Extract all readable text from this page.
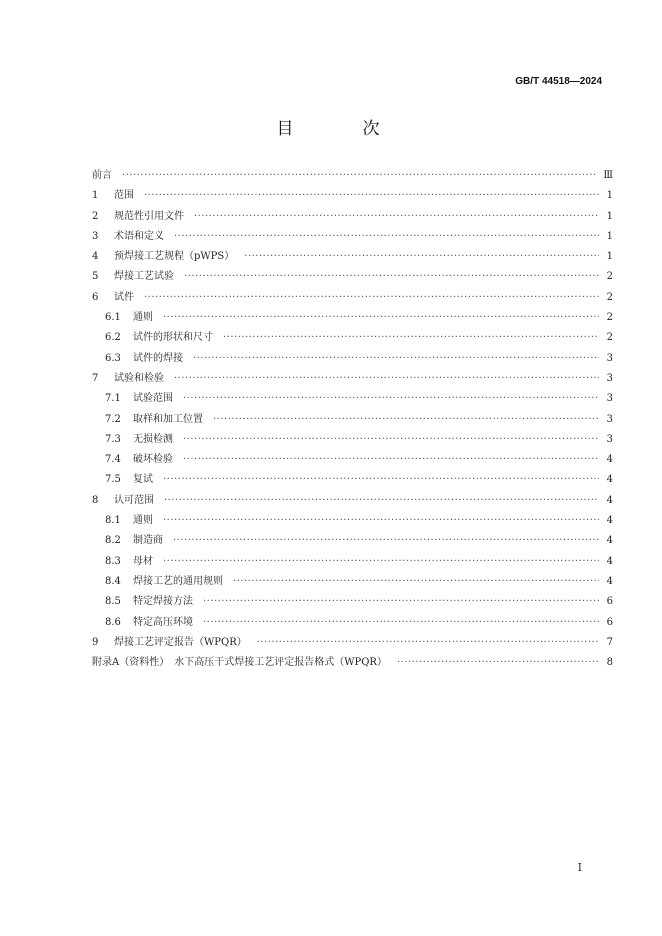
GB/T 44518—2024
目　次
前言 ·····	Ⅲ
1	范围 ·····	1
2	规范性引用文件 ·····	1
3	术语和定义 ·····	1
4	预焊接工艺规程（pWPS） ·····	1
5	焊接工艺试验 ·····	2
6	试件 ·····	2
6.1	通则 ·····	2
6.2	试件的形状和尺寸 ·····	2
6.3	试件的焊接 ·····	3
7	试验和检验 ·····	3
7.1	试验范围 ·····	3
7.2	取样和加工位置 ·····	3
7.3	无损检测 ·····	3
7.4	破坏检验 ·····	4
7.5	复试 ·····	4
8	认可范围 ·····	4
8.1	通则 ·····	4
8.2	制造商 ·····	4
8.3	母材 ·····	4
8.4	焊接工艺的通用规则 ·····	4
8.5	特定焊接方法 ·····	6
8.6	特定高压环境 ·····	6
9	焊接工艺评定报告（WPQR） ·····	7
附录A（资料性）　水下高压干式焊接工艺评定报告格式（WPQR） ·····	8
I
